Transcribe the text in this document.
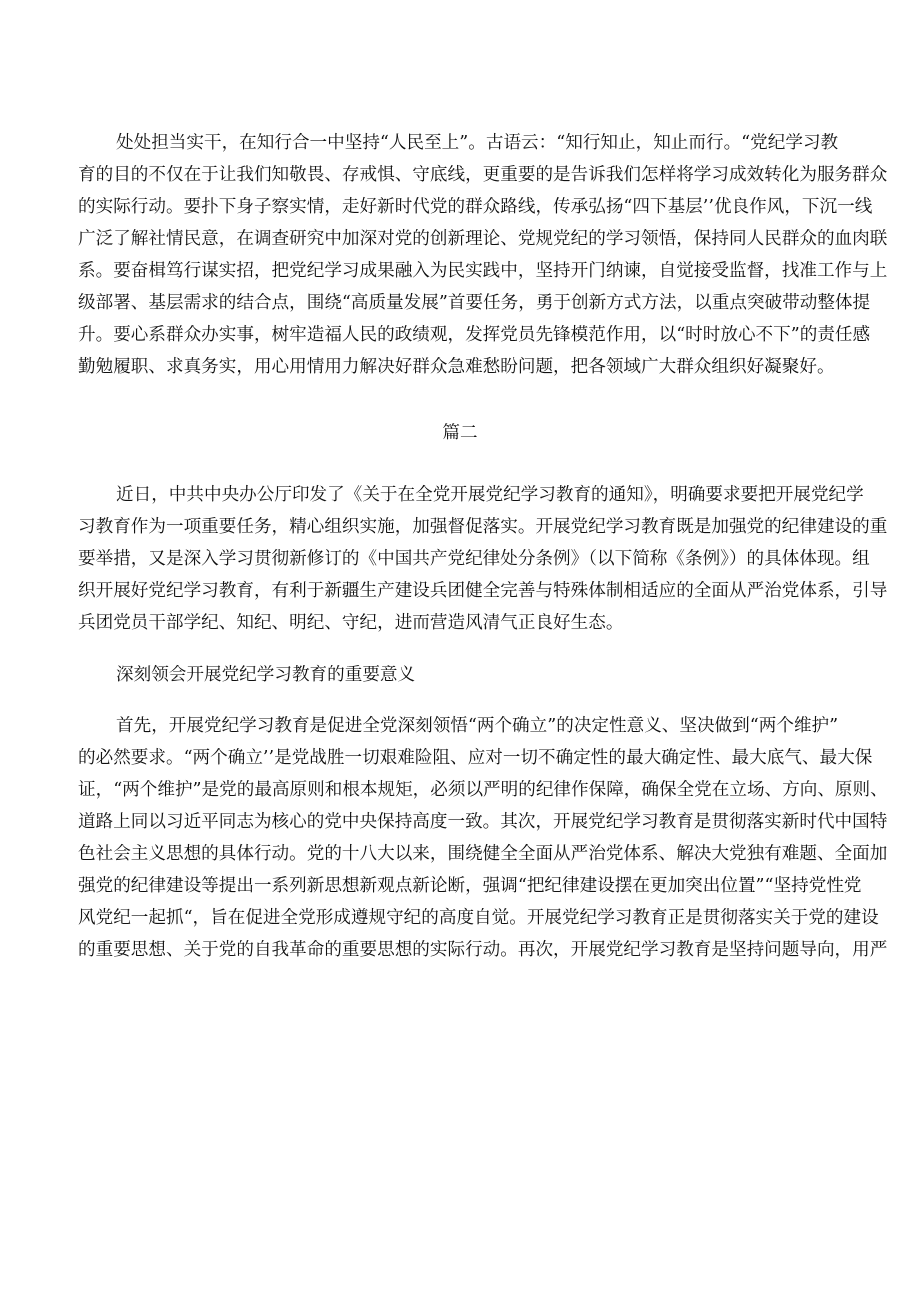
处处担当实干，在知行合一中坚持“人民至上”。古语云：“知行知止，知止而行。“党纪学习教
育的目的不仅在于让我们知敬畏、存戒惧、守底线，更重要的是告诉我们怎样将学习成效转化为服务群众
的实际行动。要扑下身子察实情，走好新时代党的群众路线，传承弘扬“四下基层’’优良作风，下沉一线
广泛了解社情民意，在调查研究中加深对党的创新理论、党规党纪的学习领悟，保持同人民群众的血肉联
系。要奋楫笃行谋实招，把党纪学习成果融入为民实践中，坚持开门纳谏，自觉接受监督，找准工作与上
级部署、基层需求的结合点，围绕“高质量发展”首要任务，勇于创新方式方法，以重点突破带动整体提
升。要心系群众办实事，树牢造福人民的政绩观，发挥党员先锋模范作用，以“时时放心不下”的责任感
勤勉履职、求真务实，用心用情用力解决好群众急难愁盼问题，把各领域广大群众组织好凝聚好。
篇二
近日，中共中央办公厅印发了《关于在全党开展党纪学习教育的通知》，明确要求要把开展党纪学
习教育作为一项重要任务，精心组织实施，加强督促落实。开展党纪学习教育既是加强党的纪律建设的重
要举措，又是深入学习贯彻新修订的《中国共产党纪律处分条例》（以下简称《条例》）的具体体现。组
织开展好党纪学习教育，有利于新疆生产建设兵团健全完善与特殊体制相适应的全面从严治党体系，引导
兵团党员干部学纪、知纪、明纪、守纪，进而营造风清气正良好生态。
深刻领会开展党纪学习教育的重要意义
首先，开展党纪学习教育是促进全党深刻领悟“两个确立”的决定性意义、坚决做到“两个维护”
的必然要求。“两个确立’’是党战胜一切艰难险阻、应对一切不确定性的最大确定性、最大底气、最大保
证，“两个维护”是党的最高原则和根本规矩，必须以严明的纪律作保障，确保全党在立场、方向、原则、
道路上同以习近平同志为核心的党中央保持高度一致。其次，开展党纪学习教育是贯彻落实新时代中国特
色社会主义思想的具体行动。党的十八大以来，围绕健全全面从严治党体系、解决大党独有难题、全面加
强党的纪律建设等提出一系列新思想新观点新论断，强调“把纪律建设摆在更加突出位置”“坚持党性党
风党纪一起抓“，旨在促进全党形成遵规守纪的高度自觉。开展党纪学习教育正是贯彻落实关于党的建设
的重要思想、关于党的自我革命的重要思想的实际行动。再次，开展党纪学习教育是坚持问题导向，用严
